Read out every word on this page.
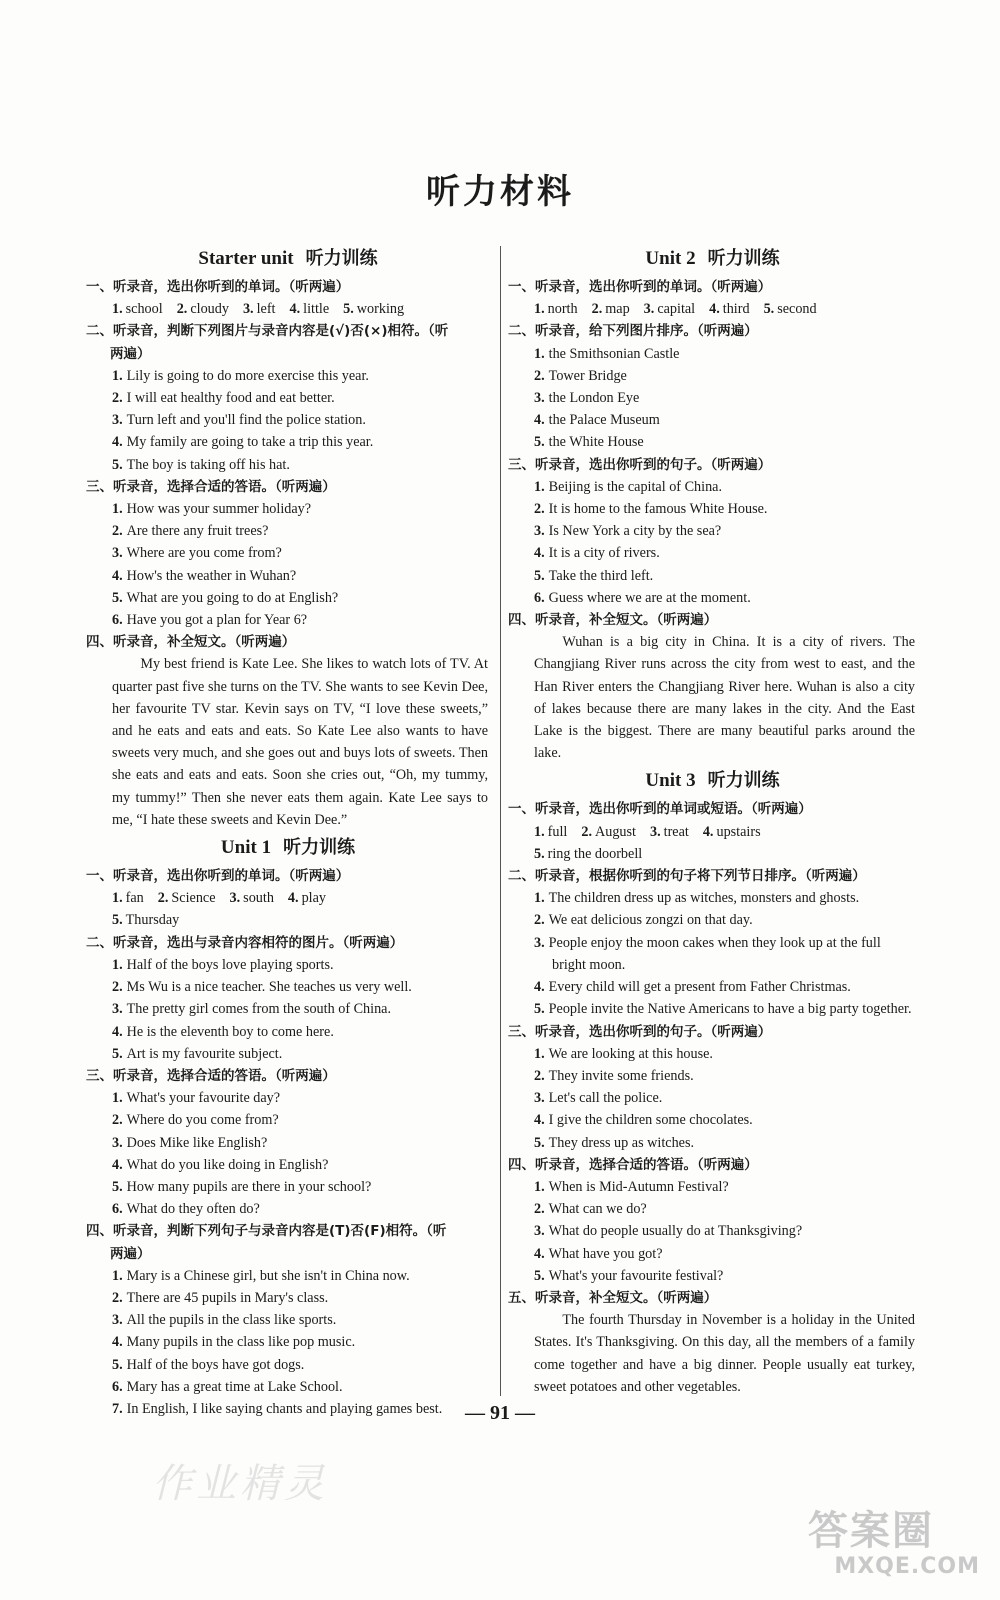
听力材料
Starter unit 听力训练
一、听录音，选出你听到的单词。（听两遍）
1. school 2. cloudy 3. left 4. little 5. working
二、听录音，判断下列图片与录音内容是(√)否(×)相符。（听
两遍）
1. Lily is going to do more exercise this year.
2. I will eat healthy food and eat better.
3. Turn left and you'll find the police station.
4. My family are going to take a trip this year.
5. The boy is taking off his hat.
三、听录音，选择合适的答语。（听两遍）
1. How was your summer holiday?
2. Are there any fruit trees?
3. Where are you come from?
4. How's the weather in Wuhan?
5. What are you going to do at English?
6. Have you got a plan for Year 6?
四、听录音，补全短文。（听两遍）
My best friend is Kate Lee. She likes to watch lots of TV. At quarter past five she turns on the TV. She wants to see Kevin Dee, her favourite TV star. Kevin says on TV, “I love these sweets,” and he eats and eats and eats. So Kate Lee also wants to have sweets very much, and she goes out and buys lots of sweets. Then she eats and eats and eats. Soon she cries out, “Oh, my tummy, my tummy!” Then she never eats them again. Kate Lee says to me, “I hate these sweets and Kevin Dee.”
Unit 1 听力训练
一、听录音，选出你听到的单词。（听两遍）
1. fan 2. Science 3. south 4. play
5. Thursday
二、听录音，选出与录音内容相符的图片。（听两遍）
1. Half of the boys love playing sports.
2. Ms Wu is a nice teacher. She teaches us very well.
3. The pretty girl comes from the south of China.
4. He is the eleventh boy to come here.
5. Art is my favourite subject.
三、听录音，选择合适的答语。（听两遍）
1. What's your favourite day?
2. Where do you come from?
3. Does Mike like English?
4. What do you like doing in English?
5. How many pupils are there in your school?
6. What do they often do?
四、听录音，判断下列句子与录音内容是(T)否(F)相符。（听
两遍）
1. Mary is a Chinese girl, but she isn't in China now.
2. There are 45 pupils in Mary's class.
3. All the pupils in the class like sports.
4. Many pupils in the class like pop music.
5. Half of the boys have got dogs.
6. Mary has a great time at Lake School.
7. In English, I like saying chants and playing games best.
Unit 2 听力训练
一、听录音，选出你听到的单词。（听两遍）
1. north 2. map 3. capital 4. third 5. second
二、听录音，给下列图片排序。（听两遍）
1. the Smithsonian Castle
2. Tower Bridge
3. the London Eye
4. the Palace Museum
5. the White House
三、听录音，选出你听到的句子。（听两遍）
1. Beijing is the capital of China.
2. It is home to the famous White House.
3. Is New York a city by the sea?
4. It is a city of rivers.
5. Take the third left.
6. Guess where we are at the moment.
四、听录音，补全短文。（听两遍）
Wuhan is a big city in China. It is a city of rivers. The Changjiang River runs across the city from west to east, and the Han River enters the Changjiang River here. Wuhan is also a city of lakes because there are many lakes in the city. And the East Lake is the biggest. There are many beautiful parks around the lake.
Unit 3 听力训练
一、听录音，选出你听到的单词或短语。（听两遍）
1. full 2. August 3. treat 4. upstairs
5. ring the doorbell
二、听录音，根据你听到的句子将下列节日排序。（听两遍）
1. The children dress up as witches, monsters and ghosts.
2. We eat delicious zongzi on that day.
3. People enjoy the moon cakes when they look up at the full
bright moon.
4. Every child will get a present from Father Christmas.
5. People invite the Native Americans to have a big party together.
三、听录音，选出你听到的句子。（听两遍）
1. We are looking at this house.
2. They invite some friends.
3. Let's call the police.
4. I give the children some chocolates.
5. They dress up as witches.
四、听录音，选择合适的答语。（听两遍）
1. When is Mid-Autumn Festival?
2. What can we do?
3. What do people usually do at Thanksgiving?
4. What have you got?
5. What's your favourite festival?
五、听录音，补全短文。（听两遍）
The fourth Thursday in November is a holiday in the United States. It's Thanksgiving. On this day, all the members of a family come together and have a big dinner. People usually eat turkey, sweet potatoes and other vegetables.
— 91 —
作业精灵
答案圈
MXQE.COM
